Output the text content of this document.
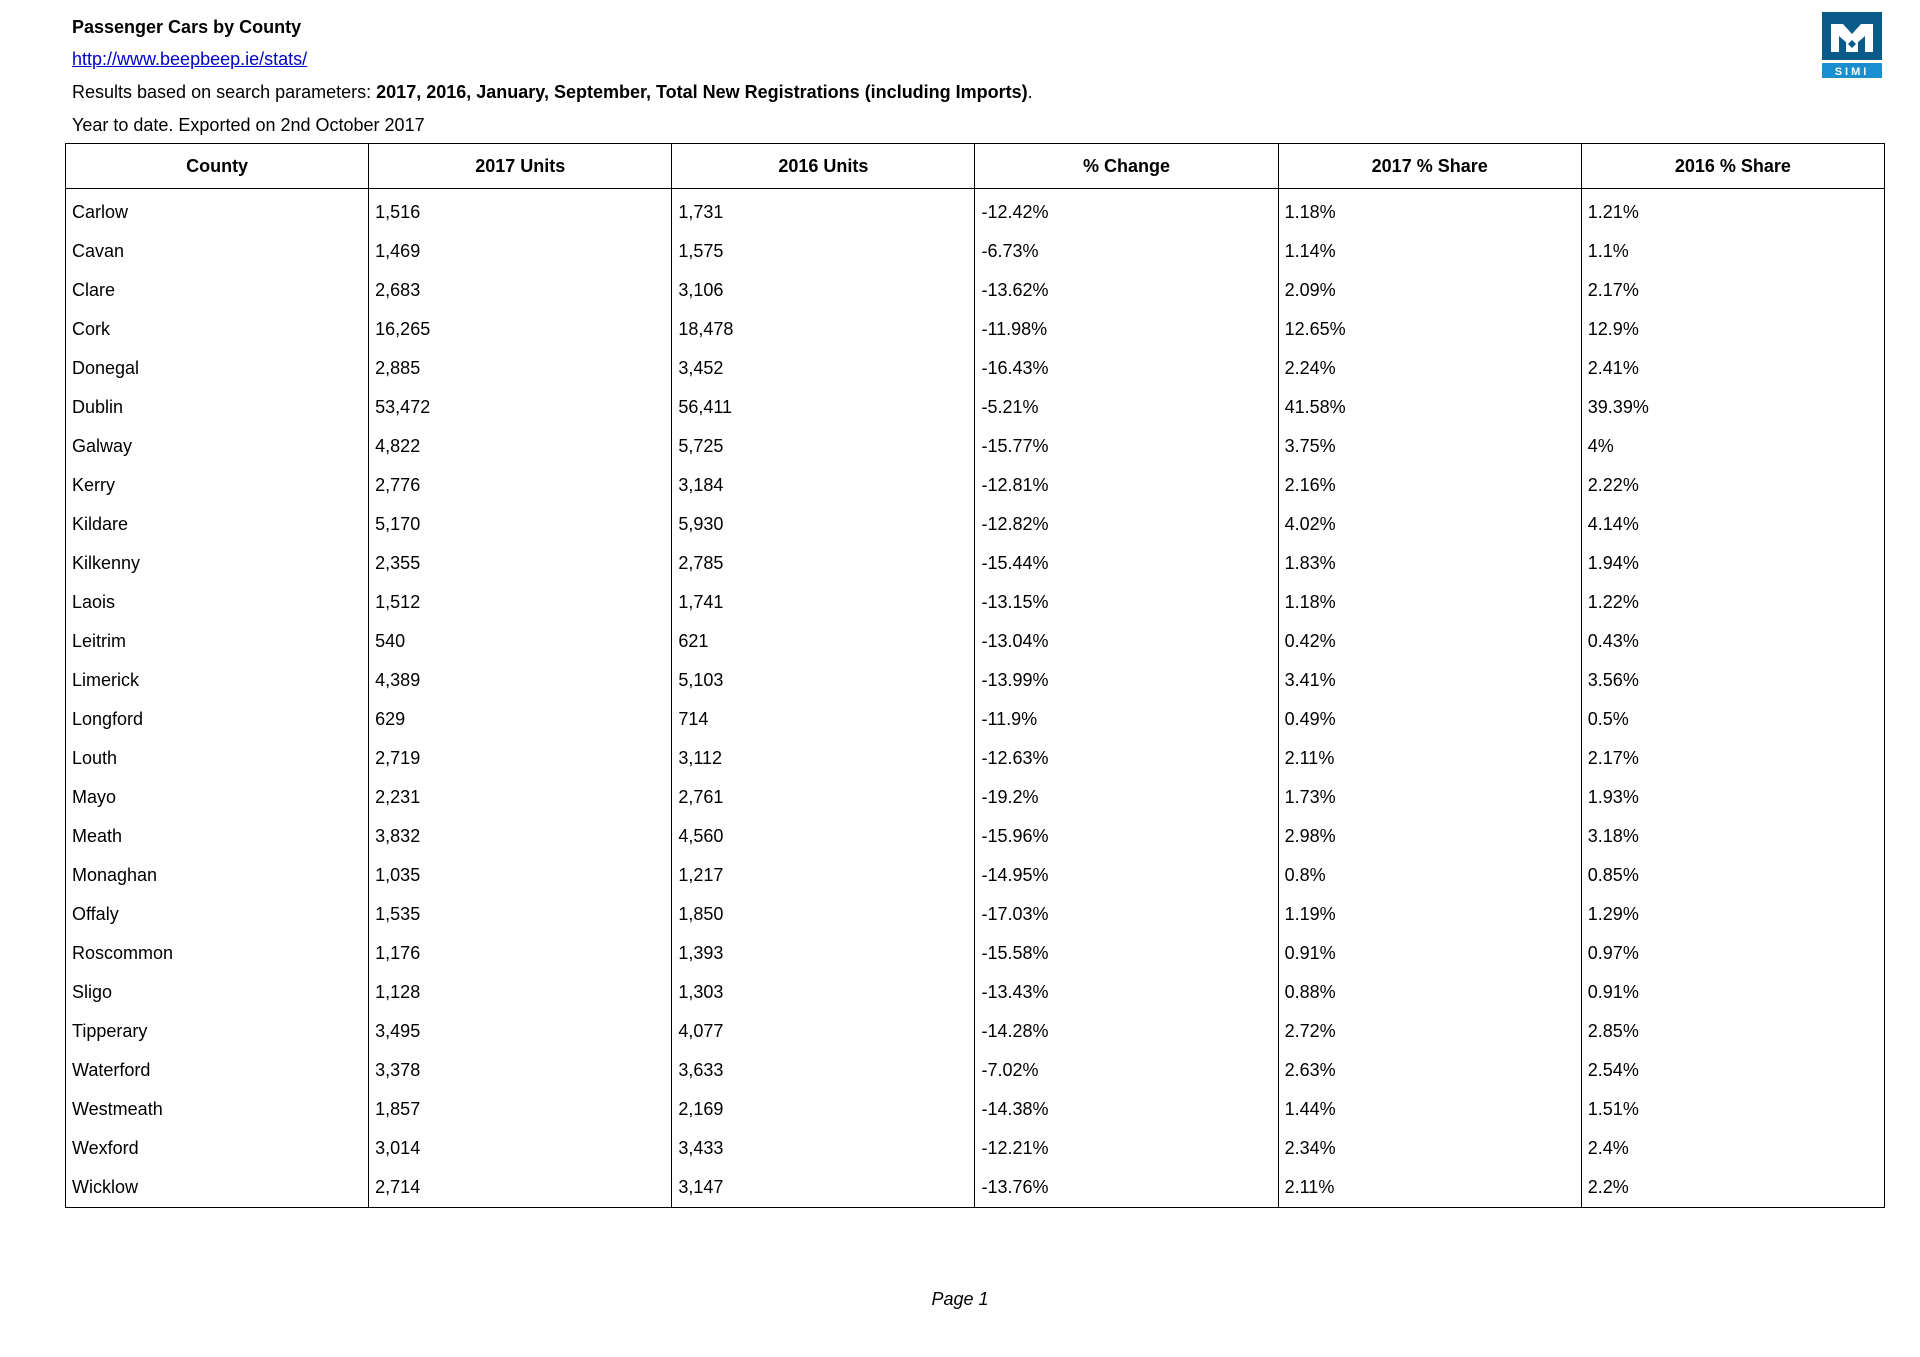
Passenger Cars by County
http://www.beepbeep.ie/stats/
Results based on search parameters: 2017, 2016, January, September, Total New Registrations (including Imports).
Year to date. Exported on 2nd October 2017
SIMI
County	2017 Units	2016 Units	% Change	2017 % Share	2016 % Share
Carlow	1,516	1,731	-12.42%	1.18%	1.21%
Cavan	1,469	1,575	-6.73%	1.14%	1.1%
Clare	2,683	3,106	-13.62%	2.09%	2.17%
Cork	16,265	18,478	-11.98%	12.65%	12.9%
Donegal	2,885	3,452	-16.43%	2.24%	2.41%
Dublin	53,472	56,411	-5.21%	41.58%	39.39%
Galway	4,822	5,725	-15.77%	3.75%	4%
Kerry	2,776	3,184	-12.81%	2.16%	2.22%
Kildare	5,170	5,930	-12.82%	4.02%	4.14%
Kilkenny	2,355	2,785	-15.44%	1.83%	1.94%
Laois	1,512	1,741	-13.15%	1.18%	1.22%
Leitrim	540	621	-13.04%	0.42%	0.43%
Limerick	4,389	5,103	-13.99%	3.41%	3.56%
Longford	629	714	-11.9%	0.49%	0.5%
Louth	2,719	3,112	-12.63%	2.11%	2.17%
Mayo	2,231	2,761	-19.2%	1.73%	1.93%
Meath	3,832	4,560	-15.96%	2.98%	3.18%
Monaghan	1,035	1,217	-14.95%	0.8%	0.85%
Offaly	1,535	1,850	-17.03%	1.19%	1.29%
Roscommon	1,176	1,393	-15.58%	0.91%	0.97%
Sligo	1,128	1,303	-13.43%	0.88%	0.91%
Tipperary	3,495	4,077	-14.28%	2.72%	2.85%
Waterford	3,378	3,633	-7.02%	2.63%	2.54%
Westmeath	1,857	2,169	-14.38%	1.44%	1.51%
Wexford	3,014	3,433	-12.21%	2.34%	2.4%
Wicklow	2,714	3,147	-13.76%	2.11%	2.2%
Page 1
